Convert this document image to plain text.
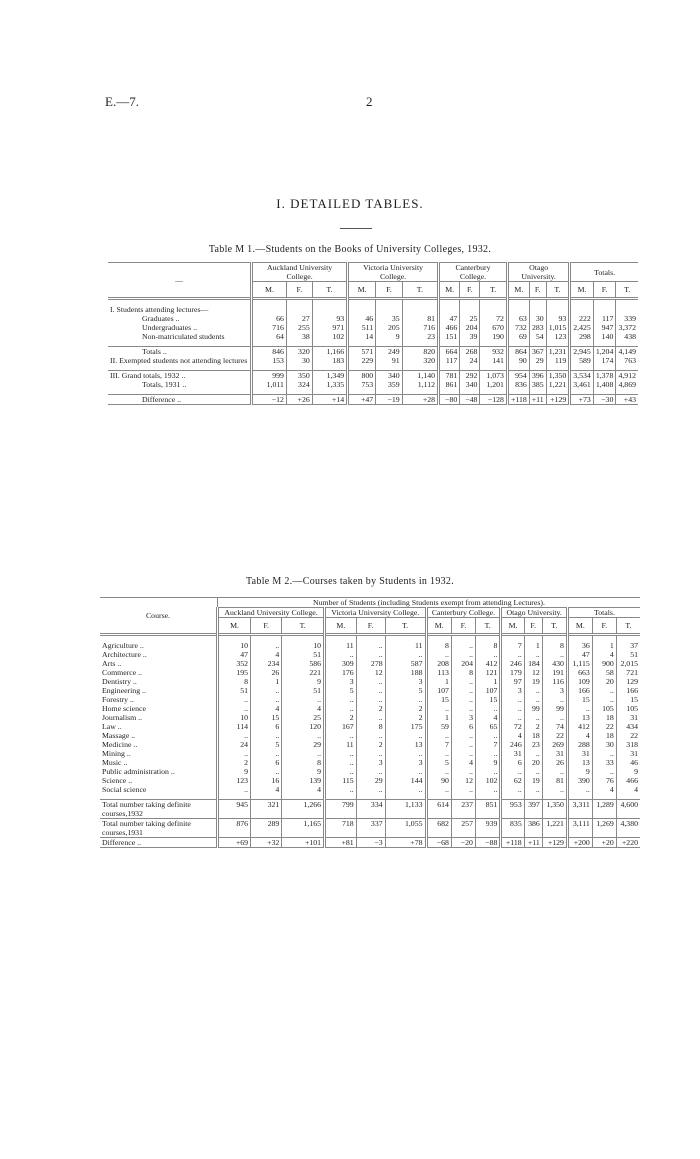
E.—7.	2
I. DETAILED TABLES.
Table M 1.—Students on the Books of University Colleges, 1932.
—	Auckland University College.			Victoria University College.			Canterbury College.			Otago University.			Totals.		
	M.	F.	T.	M.	F.	T.	M.	F.	T.	M.	F.	T.	M.	F.	T.

I. Students attending lectures—															
Graduates ..	66	27	93	46	35	81	47	25	72	63	30	93	222	117	339
Undergraduates ..	716	255	971	511	205	716	466	204	670	732	283	1,015	2,425	947	3,372
Non-matriculated students	64	38	102	14	9	23	151	39	190	69	54	123	298	140	438

Totals ..	846	320	1,166	571	249	820	664	268	932	864	367	1,231	2,945	1,204	4,149
II. Exempted students not attending lectures	153	30	183	229	91	320	117	24	141	90	29	119	589	174	763

III. Grand totals, 1932 ..	999	350	1,349	800	340	1,140	781	292	1,073	954	396	1,350	3,534	1,378	4,912
Totals, 1931 ..	1,011	324	1,335	753	359	1,112	861	340	1,201	836	385	1,221	3,461	1,408	4,869

Difference ..	−12	+26	+14	+47	−19	+28	−80	−48	−128	+118	+11	+129	+73	−30	+43
Table M 2.—Courses taken by Students in 1932.
Course.	Number of Students (including Students exempt from attending Lectures).														
	Auckland University College.			Victoria University College.			Canterbury College.			Otago University.			Totals.		
	M.	F.	T.	M.	F.	T.	M.	F.	T.	M.	F.	T.	M.	F.	T.

Agriculture ..	10	..	10	11	..	11	8	..	8	7	1	8	36	1	37
Architecture ..	47	4	51	..	..	..	..	..	..	..	..	..	47	4	51
Arts ..	352	234	586	309	278	587	208	204	412	246	184	430	1,115	900	2,015
Commerce ..	195	26	221	176	12	188	113	8	121	179	12	191	663	58	721
Dentistry ..	8	1	9	3	..	3	1	..	1	97	19	116	109	20	129
Engineering ..	51	..	51	5	..	5	107	..	107	3	..	3	166	..	166
Forestry ..	..	..	..	..	..	..	15	..	15	..	..	..	15	..	15
Home science	..	4	4	..	2	2	..	..	..	..	99	99	..	105	105
Journalism ..	10	15	25	2	..	2	1	3	4	..	..	..	13	18	31
Law ..	114	6	120	167	8	175	59	6	65	72	2	74	412	22	434
Massage ..	..	..	..	..	..	..	..	..	..	4	18	22	4	18	22
Medicine ..	24	5	29	11	2	13	7	..	7	246	23	269	288	30	318
Mining ..	..	..	..	..	..	..	..	..	..	31	..	31	31	..	31
Music ..	2	6	8	..	3	3	5	4	9	6	20	26	13	33	46
Public administration ..	9	..	9	..	..	..	..	..	..	..	..	..	9	..	9
Science ..	123	16	139	115	29	144	90	12	102	62	19	81	390	76	466
Social science	..	4	4	..	..	..	..	..	..	..	..	..	..	4	4

Total number taking definite courses,1932	945	321	1,266	799	334	1,133	614	237	851	953	397	1,350	3,311	1,289	4,600
Total number taking definite courses,1931	876	289	1,165	718	337	1,055	682	257	939	835	386	1,221	3,111	1,269	4,380
Difference ..	+69	+32	+101	+81	−3	+78	−68	−20	−88	+118	+11	+129	+200	+20	+220
